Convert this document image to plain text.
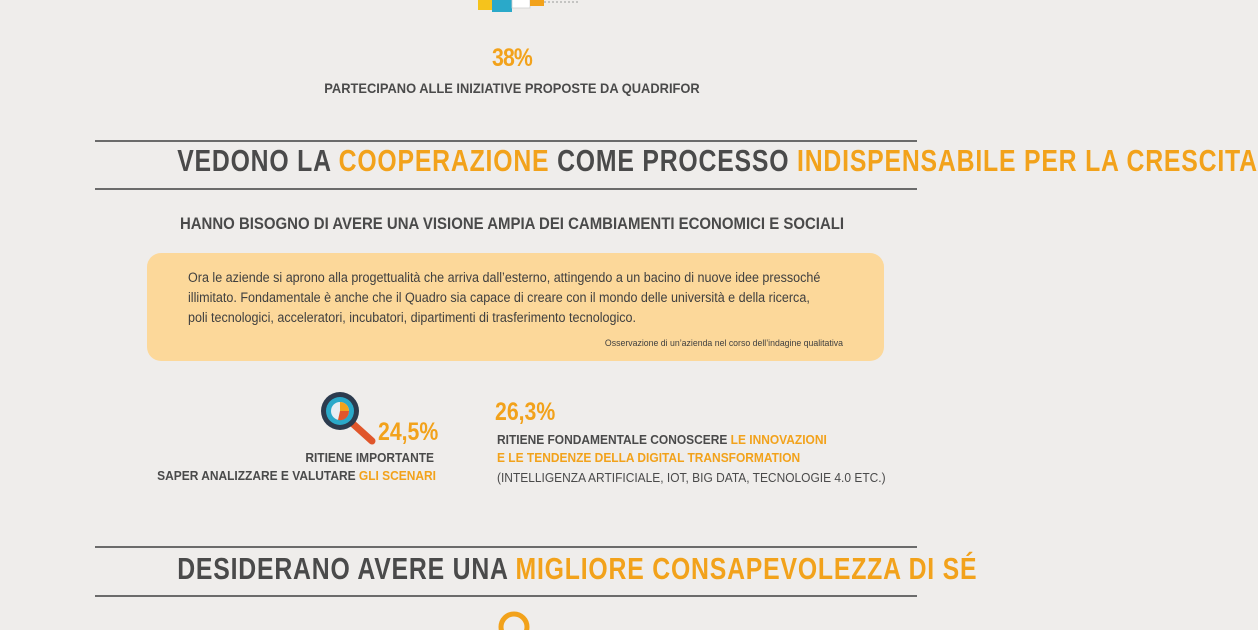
38%
PARTECIPANO ALLE INIZIATIVE PROPOSTE DA QUADRIFOR
VEDONO LA COOPERAZIONE COME PROCESSO INDISPENSABILE PER LA CRESCITA
HANNO BISOGNO DI AVERE UNA VISIONE AMPIA DEI CAMBIAMENTI ECONOMICI E SOCIALI
Ora le aziende si aprono alla progettualità che arriva dall’esterno, attingendo a un bacino di nuove idee pressoché illimitato. Fondamentale è anche che il Quadro sia capace di creare con il mondo delle università e della ricerca, poli tecnologici, acceleratori, incubatori, dipartimenti di trasferimento tecnologico.
Osservazione di un’azienda nel corso dell’indagine qualitativa
24,5%
RITIENE IMPORTANTE
SAPER ANALIZZARE E VALUTARE GLI SCENARI
26,3%
RITIENE FONDAMENTALE CONOSCERE LE INNOVAZIONI
E LE TENDENZE DELLA DIGITAL TRANSFORMATION
(INTELLIGENZA ARTIFICIALE, IOT, BIG DATA, TECNOLOGIE 4.0 ETC.)
DESIDERANO AVERE UNA MIGLIORE CONSAPEVOLEZZA DI SÉ
